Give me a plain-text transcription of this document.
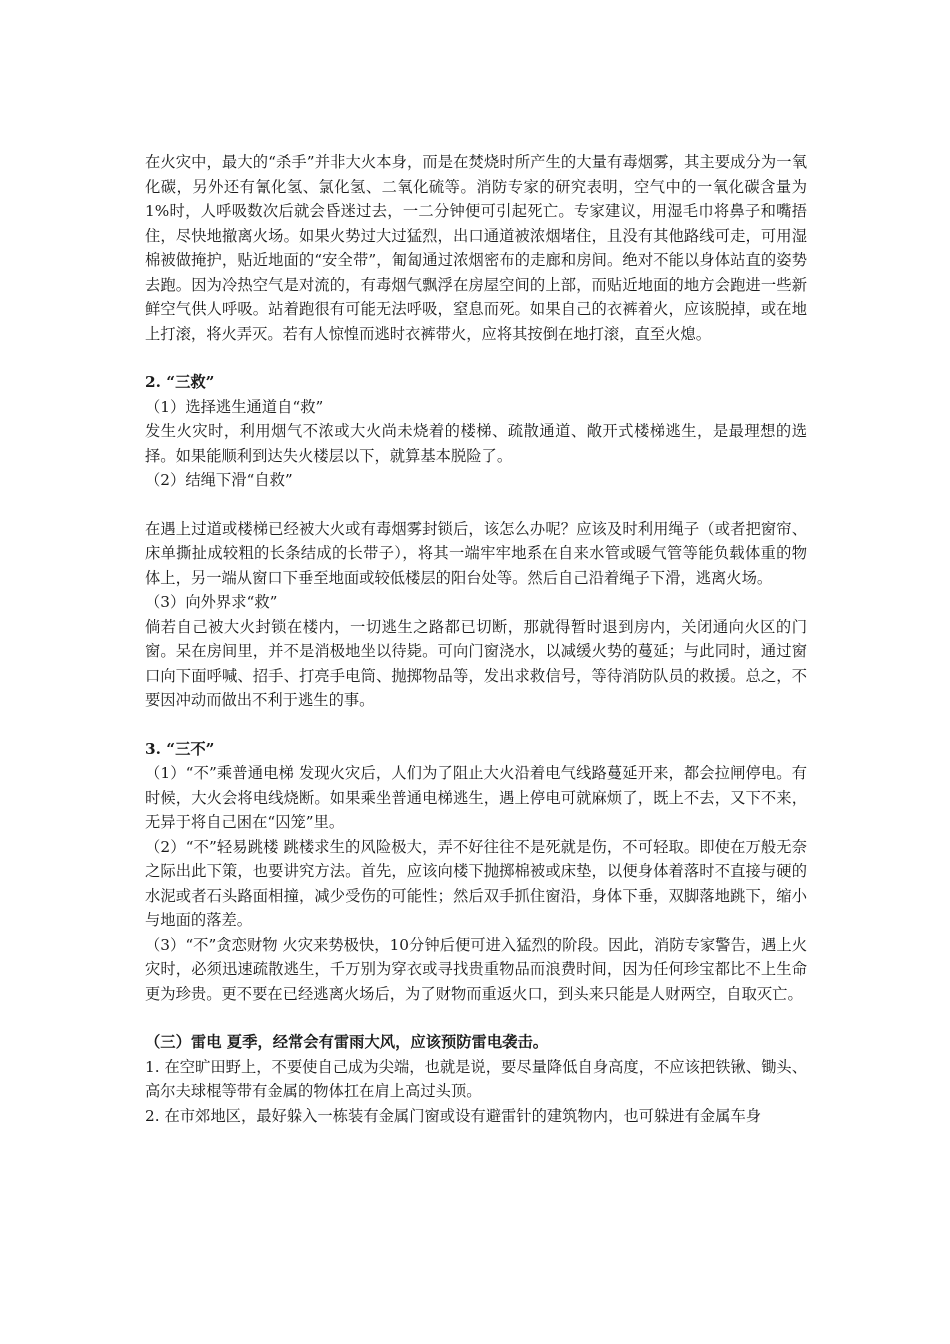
在火灾中，最大的“杀手”并非大火本身，而是在焚烧时所产生的大量有毒烟雾，其主要成分为一氧化碳，另外还有氰化氢、氯化氢、二氧化硫等。消防专家的研究表明，空气中的一氧化碳含量为1%时，人呼吸数次后就会昏迷过去，一二分钟便可引起死亡。专家建议，用湿毛巾将鼻子和嘴捂住，尽快地撤离火场。如果火势过大过猛烈，出口通道被浓烟堵住，且没有其他路线可走，可用湿棉被做掩护，贴近地面的“安全带”，匍匐通过浓烟密布的走廊和房间。绝对不能以身体站直的姿势去跑。因为冷热空气是对流的，有毒烟气飘浮在房屋空间的上部，而贴近地面的地方会跑进一些新鲜空气供人呼吸。站着跑很有可能无法呼吸，窒息而死。如果自己的衣裤着火，应该脱掉，或在地上打滚，将火弄灭。若有人惊惶而逃时衣裤带火，应将其按倒在地打滚，直至火熄。

2. “三救”

（1）选择逃生通道自“救”

发生火灾时，利用烟气不浓或大火尚未烧着的楼梯、疏散通道、敞开式楼梯逃生，是最理想的选择。如果能顺利到达失火楼层以下，就算基本脱险了。

（2）结绳下滑“自救”

在遇上过道或楼梯已经被大火或有毒烟雾封锁后，该怎么办呢？应该及时利用绳子（或者把窗帘、床单撕扯成较粗的长条结成的长带子），将其一端牢牢地系在自来水管或暖气管等能负载体重的物体上，另一端从窗口下垂至地面或较低楼层的阳台处等。然后自己沿着绳子下滑，逃离火场。

（3）向外界求“救”

倘若自己被大火封锁在楼内，一切逃生之路都已切断，那就得暂时退到房内，关闭通向火区的门窗。呆在房间里，并不是消极地坐以待毙。可向门窗浇水，以减缓火势的蔓延；与此同时，通过窗口向下面呼喊、招手、打亮手电筒、抛掷物品等，发出求救信号，等待消防队员的救援。总之，不要因冲动而做出不利于逃生的事。

3. “三不”

（1）“不”乘普通电梯 发现火灾后，人们为了阻止大火沿着电气线路蔓延开来，都会拉闸停电。有时候，大火会将电线烧断。如果乘坐普通电梯逃生，遇上停电可就麻烦了，既上不去，又下不来，无异于将自己困在“囚笼”里。

（2）“不”轻易跳楼 跳楼求生的风险极大，弄不好往往不是死就是伤，不可轻取。即使在万般无奈之际出此下策，也要讲究方法。首先，应该向楼下抛掷棉被或床垫，以便身体着落时不直接与硬的水泥或者石头路面相撞，减少受伤的可能性；然后双手抓住窗沿，身体下垂，双脚落地跳下，缩小与地面的落差。

（3）“不”贪恋财物 火灾来势极快，10分钟后便可进入猛烈的阶段。因此，消防专家警告，遇上火灾时，必须迅速疏散逃生，千万别为穿衣或寻找贵重物品而浪费时间，因为任何珍宝都比不上生命更为珍贵。更不要在已经逃离火场后，为了财物而重返火口，到头来只能是人财两空，自取灭亡。

（三）雷电 夏季，经常会有雷雨大风，应该预防雷电袭击。

1. 在空旷田野上，不要使自己成为尖端，也就是说，要尽量降低自身高度，不应该把铁锹、锄头、高尔夫球棍等带有金属的物体扛在肩上高过头顶。

2. 在市郊地区，最好躲入一栋装有金属门窗或设有避雷针的建筑物内，也可躲进有金属车身
